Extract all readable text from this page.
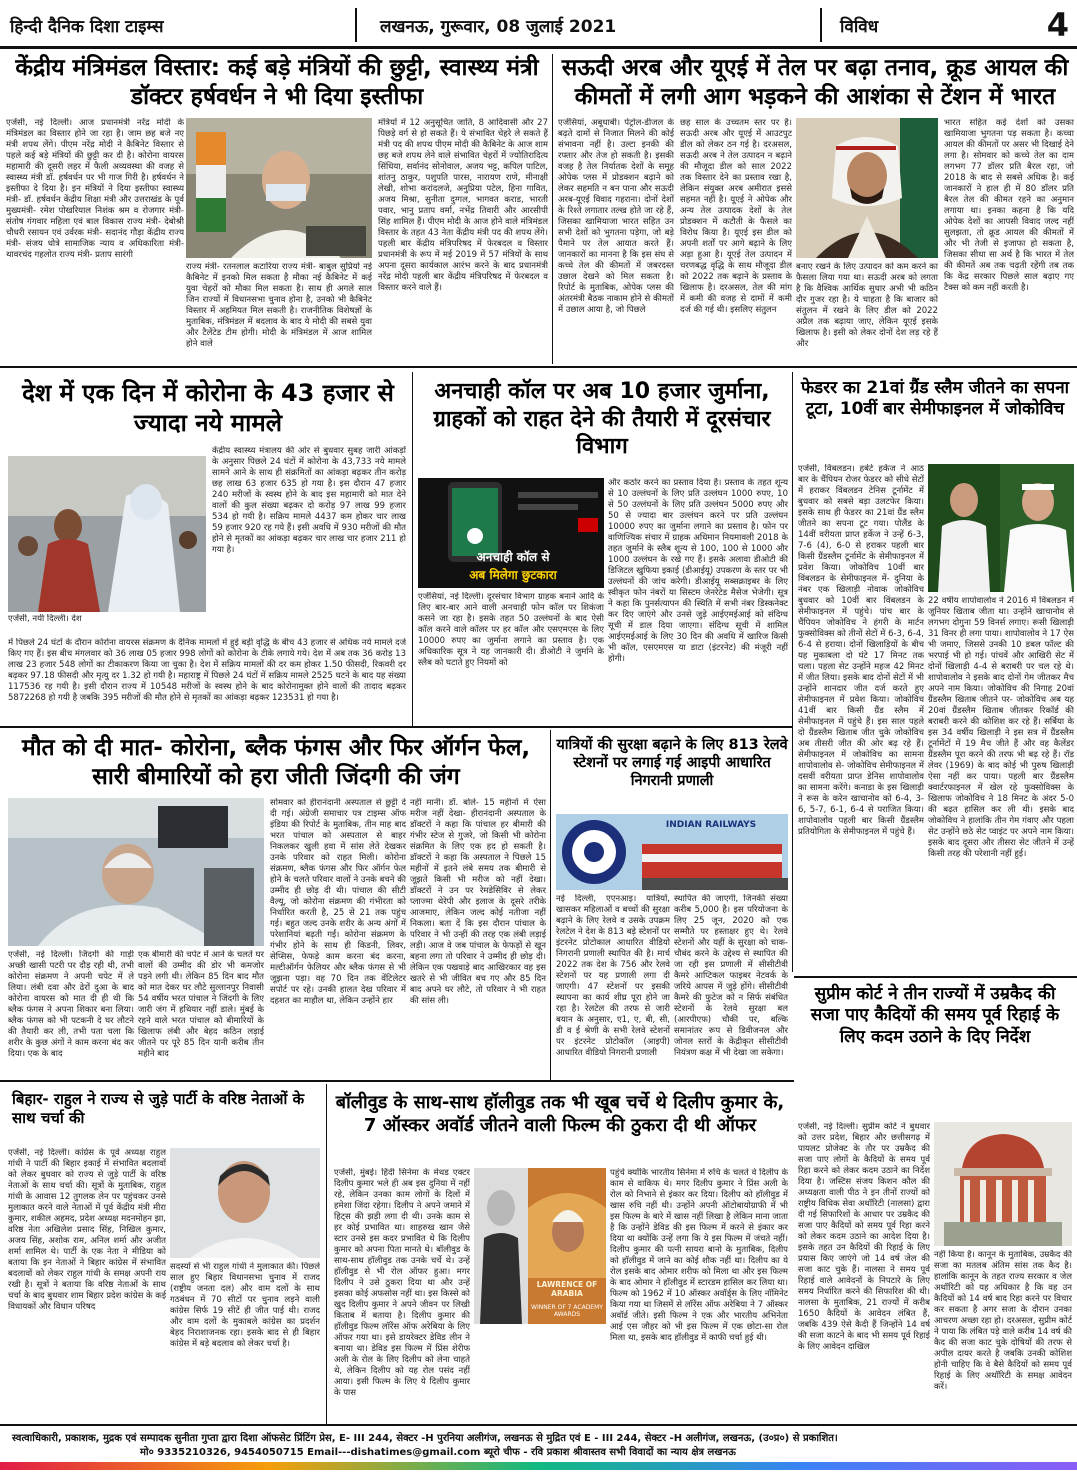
हिन्दी दैनिक दिशा टाइम्स	लखनऊ, गुरूवार, 08 जुलाई 2021	विविध	4
केंद्रीय मंत्रिमंडल विस्तार: कई बड़े मंत्रियों की छुट्टी, स्वास्थ्य मंत्री डॉक्टर हर्षवर्धन ने भी दिया इस्तीफा
एजेंसी, नई दिल्ली। आज प्रधानमंत्री नरेंद्र मोदी के मंत्रिमंडल का विस्तार होने जा रहा है। जाम छह बजे नए मंत्री शपथ लेंगे। पीएम नरेंद्र मोदी ने कैबिनेट विस्तार से पहले कई बड़े मंत्रियों की छुट्टी कर दी है। कोरोना वायरस महामारी की दूसरी लहर में फैली अव्यवस्था की वजह से स्वास्थ्य मंत्री डॉ. हर्षवर्धन पर भी गाज गिरी है। हर्षवर्धन ने इस्तीफा दे दिया है। इन मंत्रियों ने दिया इस्तीफा स्वास्थ्य मंत्री- डॉ. हर्षवर्धन केंद्रीय शिक्षा मंत्री और उत्तराखंड के पूर्व मुख्यमंत्री- रमेश पोखरियाल निशंक श्रम व रोजगार मंत्री- संतोष गंगवार महिला एवं बाल विकास राज्य मंत्री- देबोश्री चौधरी रसायन एवं उर्वरक मंत्री- सदानंद गौड़ा केंद्रीय राज्य मंत्री- संजय धोत्रे सामाजिक न्याय व अधिकारिता मंत्री- थावरचंद गहलोत राज्य मंत्री- प्रताप सारंगी
राज्य मंत्री- रतनलाल कटारिया राज्य मंत्री- बाबुल सुप्रियो नई कैबिनेट में इनको मिल सकता है मौका नई कैबिनेट में कई युवा चेहरों को मौका मिल सकता है। साथ ही अगले साल जिन राज्यों में विधानसभा चुनाव होना है, उनको भी कैबिनेट विस्तार में अहमियत मिल सकती है। राजनीतिक विशेषज्ञों के मुताबिक, मंत्रिमंडल में बदलाव के बाद ये मोदी की सबसे युवा और टैलेंटेड टीम होगी। मोदी के मंत्रिमंडल में आज शामिल होने वाले
मंत्रियों में 12 अनुसूचित जाति, 8 आदिवासी और 27 पिछड़े वर्ग से हो सकते हैं। ये संभावित चेहरे ले सकते हैं मंत्री पद की शपथ पीएम मोदी की कैबिनेट के आज शाम छह बजे शपथ लेने वाले संभावित चेहरों में ज्योतिरादित्य सिंधिया, सर्वानंद सोनोवाल, अजय भट्ट, कपिल पाटिल, शांतनु ठाकुर, पशुपति पारस, नारायण राणे, मीनाक्षी लेखी, शोभा करांदलजे, अनुप्रिया पटेल, हिना गावित, अजय मिश्रा, सुनीता दुग्गल, भागवत कराड, भारती पवार, भानु प्रताप वर्मा, नभेंद्र तिवारी और आरसीपी सिंह शामिल हैं। पीएम मोदी के आज होने वाले मंत्रिमंडल विस्तार के तहत 43 नेता केंद्रीय मंत्री पद की शपथ लेंगे। पहली बार केंद्रीय मंत्रिपरिषद में फेरबदल व विस्तार प्रधानमंत्री के रूप में मई 2019 में 57 मंत्रियों के साथ अपना दूसरा कार्यकाल आरंभ करने के बाद प्रधानमंत्री नरेंद्र मोदी पहली बार केंद्रीय मंत्रिपरिषद में फेरबदल व विस्तार करने वाले हैं।
सऊदी अरब और यूएई में तेल पर बढ़ा तनाव, क्रूड आयल की कीमतों में लगी आग भड़कने की आशंका से टेंशन में भारत
एजेंसियां, अबूधाबी। पेट्रोल-डीजल के बढ़ते दामों से निजात मिलने की कोई संभावना नहीं है। उल्टा इनकी की रफ्तार और तेज हो सकती है। इसकी वजह है तेल निर्यातक देशों के समूह ओपेक प्लस में प्रोडक्शन बढ़ाने को लेकर सहमति न बन पाना और सऊदी अरब-यूएई विवाद गहराना। दोनों देशों के रिश्ते लगातार तल्ख होते जा रहे हैं, जिसका खामियाजा भारत सहित उन सभी देशों को भुगतना पड़ेगा, जो बड़े पैमाने पर तेल आयात करते हैं। जानकारों का मानना है कि इस संघ से कच्चे तेल की कीमतों में जबरदस्त उछाल देखने को मिल सकता है। रिपोर्ट के मुताबिक, ओपेक प्लस की अंतरमंत्री बैठक नाकाम होने से कीमतों में उछाल आया है, जो पिछले
छह साल के उच्चतम स्तर पर है। सऊदी अरब और यूएई में आउटपुट डील को लेकर ठन गई है। दरअसल, सऊदी अरब ने तेल उत्पादन न बढ़ाने की मौजूदा डील को साल 2022 तक विस्तार देने का प्रस्ताव रखा है, लेकिन संयुक्त अरब अमीरात इससे सहमत नहीं है। यूएई ने ओपेक और अन्य तेल उत्पादक देशों के तेल प्रोडक्शन में कटौती के फैसले का विरोध किया है। यूएई इस डील को अपनी शर्तों पर आगे बढ़ाने के लिए अड़ा हुआ है। यूएई तेल उत्पादन में चरणबद्ध वृद्धि के साथ मौजूदा डील को 2022 तक बढ़ाने के प्रस्ताव के खिलाफ है। दरअसल, तेल की मांग में कमी की वजह से दामों में कमी दर्ज की गई थी। इसलिए संतुलन
बनाए रखने के लिए उत्पादन को कम करने का फैसला लिया गया था। सऊदी अरब को लगता है कि वैश्विक आर्थिक सुधार अभी भी कठिन दौर गुजर रहा है। ये चाहता है कि बाजार को संतुलन में रखने के लिए डील को 2022 अप्रैल तक बढ़ाया जाए, लेकिन यूएई इसके खिलाफ है। इसी को लेकर दोनों देश लड़ रहे हैं और
भारत सहित कई देशों को उसका खामियाजा भुगतना पड़ सकता है। कच्चा आयल की कीमतों पर असर भी दिखाई देने लगा है। सोमवार को कच्चे तेल का दाम लगभग 77 डॉलर प्रति बैरल रहा, जो 2018 के बाद से सबसे अधिक है। कई जानकारों ने हाल ही में 80 डॉलर प्रति बैरल तेल की कीमत रहने का अनुमान लगाया था। इनका कहना है कि यदि ओपेक देशों का आपसी विवाद जल्द नहीं सुलझता, तो क्रूड आयल की कीमतों में और भी तेजी से इजाफा हो सकता है, जिसका सीधा सा अर्थ है कि भारत में तेल की कीमतें अब तक चढ़ती रहेंगी तब तक कि केंद्र सरकार पिछले साल बढ़ाए गए टैक्स को कम नहीं करती है।
देश में एक दिन में कोरोना के 43 हजार से ज्यादा नये मामले
एजेंसी, नयी दिल्ली। देश
केंद्रीय स्वास्थ्य मंत्रालय की ओर से बुधवार सुबह जारी आंकड़ों के अनुसार पिछले 24 घंटों में कोरोना के 43,733 नये मामले सामने आने के साथ ही संक्रमितों का आंकड़ा बढ़कर तीन करोड़ छह लाख 63 हजार 635 हो गया है। इस दौरान 47 हजार 240 मरीजों के स्वस्थ होने के बाद इस महामारी को मात देने वालों की कुल संख्या बढ़कर दो करोड़ 97 लाख 99 हजार 534 हो गयी है। सक्रिय मामले 4437 कम होकर चार लाख 59 हजार 920 रह गये हैं। इसी अवधि में 930 मरीजों की मौत होने से मृतकों का आंकड़ा बढ़कर चार लाख चार हजार 211 हो गया है।
में पिछले 24 घंटों के दौरान कोरोना वायरस संक्रमण के दैनिक मामलों में हुई बड़ी वृद्धि के बीच 43 हजार से अधिक नये मामले दर्ज किए गए हैं। इस बीच मंगलवार को 36 लाख 05 हजार 998 लोगों को कोरोना के टीके लगाये गये। देश में अब तक 36 करोड़ 13 लाख 23 हजार 548 लोगों का टीकाकरण किया जा चुका है। देश में सक्रिय मामलों की दर कम होकर 1.50 फीसदी, रिकवरी दर बढ़कर 97.18 फीसदी और मृत्यु दर 1.32 हो गयी है। महाराष्ट्र में पिछले 24 घंटों में सक्रिय मामले 2525 घटने के बाद यह संख्या 117536 रह गयी है। इसी दौरान राज्य में 10548 मरीजों के स्वस्थ होने के बाद कोरोनामुक्त होने वालों की तादाद बढ़कर 5872268 हो गयी है जबकि 395 मरीजों की मौत होने से मृतकों का आंकड़ा बढ़कर 123531 हो गया है।
अनचाही कॉल पर अब 10 हजार जुर्माना, ग्राहकों को राहत देने की तैयारी में दूरसंचार विभाग
अनचाही कॉल से
अब मिलेगा छुटकारा
एजेंसियां, नई दिल्ली। दूरसंचार विभाग ग्राहक बनाने आदि के लिए बार-बार आने वाली अनचाही फोन कॉल पर शिकंजा कसने जा रहा है। इसके तहत 50 उल्लंघनों के बाद ऐसी कॉल करने वाले कॉलर पर हर कॉल और एसएमएस के लिए 10000 रुपए का जुर्माना लगाने का प्रस्ताव है। एक अधिकारिक सूत्र ने यह जानकारी दी। डीओटी ने जुर्माने के स्लैब को घटाते हुए नियमों को
और कठोर करने का प्रस्ताव दिया है। प्रस्ताव के तहत शून्य से 10 उल्लंघनों के लिए प्रति उल्लंघन 1000 रुपए, 10 से 50 उल्लंघनों के लिए प्रति उल्लंघन 5000 रुपए और 50 से ज्यादा बार उल्लंघन करने पर प्रति उल्लंघन 10000 रुपए का जुर्माना लगाने का प्रस्ताव है। फोन पर वाणिज्यिक संचार में ग्राहक अधिमान नियमावली 2018 के तहत जुर्माने के स्लैब शून्य से 100, 100 से 1000 और 1000 उल्लंघन के रखे गए हैं। इसके अलावा डीओटी की डिजिटल खुफिया इकाई (डीआईयू) उपकरण के स्तर पर भी उल्लंघनों की जांच करेगी। डीआईयू सब्सक्राइबर के लिए स्वीकृत फोन नंबरों या सिस्टम जेनरेटेड मैसेज भेजेगी। सूत्र ने कहा कि पुनर्सत्यापन की स्थिति में सभी नंबर डिस्कनेक्ट कर दिए जाएंगे और उनसे जुड़े आईएमईआई को संदिग्ध सूची में डाल दिया जाएगा। संदिग्ध सूची में शामिल आईएमईआई के लिए 30 दिन की अवधि में खारिज किसी भी कॉल, एसएमएस या डाटा (इंटरनेट) की मंजूरी नहीं होगी।
फेडरर का 21वां ग्रैंड स्लैम जीतने का सपना टूटा, 10वीं बार सेमीफाइनल में जोकोविच
एजेंसी, विंबलडन। हर्बर्ट हर्केज ने आठ बार के चैंपियन रोजर फेडरर को सीधे सेटों में हराकर विंबलडन टेनिस टूर्नामेंट में बुधवार को सबसे बड़ा उलटफेर किया। इसके साथ ही फेडरर का 21वां ग्रैंड स्लैम जीतने का सपना टूट गया। पोलैंड के 14वीं वरीयता प्राप्त हर्केज ने उन्हें 6-3, 7-6 (4), 6-0 से हराकर पहली बार किसी ग्रैंडस्लैम टूर्नामेंट के सेमीफाइनल में प्रवेश किया। जोकोविच 10वीं बार विंबलडन के सेमीफाइनल में- दुनिया के नंबर एक खिलाड़ी नोवाक जोकोविच बुधवार को 10वीं बार विंबलडन के सेमीफाइनल में पहुंचे। पांच बार के चैंपियन जोकोविच ने हंगरी के मार्टन फुक्सोविक्स को तीनों सेटों में 6-3, 6-4, 6-4 से हराया। दोनों खिलाड़ियों के बीच यह मुकाबला दो घंटे 17 मिनट तक चला। पहला सेट उन्होंने महज 42 मिनट में जीत लिया। इसके बाद दोनों सेटों में भी उन्होंने शानदार जीत दर्ज करते हुए सेमीफाइनल में प्रवेश किया। जोकोविच 41वीं बार किसी ग्रैंड स्लैम में सेमीफाइनल में पहुंचे हैं। इस साल पहले दो ग्रैंडस्लैम खिताब जीत चुके जोकोविच अब तीसरी जीत की ओर बढ़ रहे हैं। सेमीफाइनल में जोकोविच का सामना शापोवालोव से- जोकोविच सेमीफाइनल में दसवीं वरीयता प्राप्त डेनिस शापोवालोव का सामना करेंगे। कनाडा के इस खिलाड़ी ने रूस के करेन खाचानोव को 6-4, 3-6, 5-7, 6-1, 6-4 से पराजित किया। शापोवालोव पहली बार किसी ग्रैंडस्लैम प्रतियोगिता के सेमीफाइनल में पहुंचे हैं।
22 वर्षीय शापोवालोव ने 2016 में विंबलडन में जूनियर खिताब जीता था। उन्होंने खाचानोव से लगभग दोगुना 59 विनर्स लगाए। रूसी खिलाड़ी 31 विनर ही लगा पाया। शापोवालोव ने 17 ऐस भी जमाए, जिससे उनकी 10 डबल फॉल्ट की भरपाई भी हो गई। पांचवें और आखिरी सेट में दोनों खिलाड़ी 4-4 से बराबरी पर चल रहे थे। शापोवालोव ने इसके बाद दोनों गेम जीतकर मैच अपने नाम किया। जोकोविच की निगाह 20वां ग्रैंडस्लैम खिताब जीतने पर- जोकोविच अब यह 20वां ग्रैंडस्लैम खिताब जीतकर रिकॉर्ड की बराबरी करने की कोशिश कर रहे हैं। सर्बिया के इस 34 वर्षीय खिलाड़ी ने इस सत्र में ग्रैंडस्लैम टूर्नामेंटों में 19 मैच जीते हैं और वह कैलेंडर ग्रैंडस्लैम पूरा करने की तरफ भी बढ़ रहे हैं। रॉड लेवर (1969) के बाद कोई भी पुरुष खिलाड़ी ऐसा नहीं कर पाया। पहली बार ग्रैंडस्लैम क्वार्टरफाइनल में खेल रहे फुक्सोविक्स के खिलाफ जोकोविच ने 18 मिनट के अंदर 5-0 की बढ़त हासिल कर ली थी। इसके बाद जोकोविच ने हालांकि तीन गेम गंवाए और पहला सेट उन्होंने छठे सेट प्वाइंट पर अपने नाम किया। इसके बाद दूसरा और तीसरा सेट जीतने में उन्हें किसी तरह की परेशानी नहीं हुई।
मौत को दी मात- कोरोना, ब्लैक फंगस और फिर ऑर्गन फेल, सारी बीमारियों को हरा जीती जिंदगी की जंग
एजेंसी, नई दिल्ली। जिंदगी की गाड़ी अच्छी खासी पटरी पर दौड़ रही थी, तभी कोरोना संक्रमण ने अपनी चपेट में ले लिया। लंबी दवा और ढेरों दुआ के बाद कोरोना वायरस को मात दी ही थी कि ब्लैक फंगस ने अपना शिकार बना लिया। ब्लैक फंगस को भी पटकनी दे घर लौटने की तैयारी कर ली, तभी पता चला कि शरीर के कुछ अंगों ने काम करना बंद कर दिया। एक के बाद
एक बीमारी की चपेट में आने के चलते घर वालों की उम्मीद की डोर भी कमजोर पड़ने लगी थी। लेकिन 85 दिन बाद मौत को मात देकर घर लौटे सुल्तानपुर निवासी 54 वर्षीय भरत पांचाल ने जिंदगी के लिए जारी जंग में हथियार नहीं डाले। मुंबई के रहने वाले भरत पांचाल को बीमारियों के खिलाफ लंबी और बेहद कठिन लड़ाई जीतने पर पूरे 85 दिन यानी करीब तीन महीने बाद
सोमवार को हीरानंदानी अस्पताल से छुट्टी दे दी गई। अंग्रेजी समाचार पत्र टाइम्स ऑफ इंडिया की रिपोर्ट के मुताबिक, तीन माह बाद भरत पांचाल को अस्पताल से बाहर निकलकर खुली हवा में सांस लेते देखकर उनके परिवार को राहत मिली। कोरोना संक्रमण, ब्लैक फंगस और फिर ऑर्गन फेल होने के चलते परिवार वालों ने उनके बचने की उम्मीद ही छोड़ दी थी। पांचाल की सीटी वैल्यू, जो कोरोना संक्रमण की गंभीरता को निर्धारित करती है, 25 से 21 तक पहुंच गई। बहुत जल्द उनके शरीर के अन्य अंगों में परेशानियां बढ़ती गईं। कोरोना संक्रमण के गंभीर होने के साथ ही किडनी, लिवर, सेप्सिस, फेफड़े काम करना बंद करना, मल्टीऑर्गन फेलियर और ब्लैक फंगस से भी जूझना पड़ा। वह 70 दिन तक वेंटिलेटर सपोर्ट पर रहे। उनकी हालत देख परिवार में दहशत का माहौल था, लेकिन उन्होंने हार
नहीं मानी। डॉ. बोले- 15 महीनों में ऐसा मरीज नहीं देखा- हीरानंदानी अस्पताल के डॉक्टरों ने कहा कि पांचाल हर बीमारी की गंभीर स्टेज से गुजरे, जो किसी भी कोरोना संक्रमित के लिए एक हद हो सकती है। डॉक्टरों ने कहा कि अस्पताल ने पिछले 15 महीनों में इतने लंबे समय तक बीमारी से जूझते किसी भी मरीज को नहीं देखा। डॉक्टरों ने उन पर रेमडेसिविर से लेकर प्लाज्मा थेरेपी और इलाज के दूसरे तरीके आजमाए, लेकिन जल्द कोई नतीजा नहीं निकला। बता दें कि इस दौरान पांचाल के परिवार ने भी उन्हीं की तरह एक लंबी लड़ाई लड़ी। आज वे जब पांचाल के फेफड़ों से खून बहना लगा तो परिवार ने उम्मीद ही छोड़ दी। लेकिन एक पखवाड़े बाद आखिरकार वह इस खतरे से भी जीवित बच गए और 85 दिन बाद अपने घर लौटे, तो परिवार ने भी राहत की सांस ली।
यात्रियों की सुरक्षा बढ़ाने के लिए 813 रेलवे स्टेशनों पर लगाई गई आइपी आधारित निगरानी प्रणाली
INDIAN RAILWAYS
नई दिल्ली, एएनआइ। यात्रियों, खासकर महिलाओं व बच्चों की सुरक्षा बढ़ाने के लिए रेलवे व उसके उपक्रम रेलटेल ने देश के 813 बड़े स्टेशनों पर इंटरनेट प्रोटोकाल आधारित वीडियो निगरानी प्रणाली स्थापित की है। मार्च 2022 तक देश के 756 और रेलवे स्टेशनों पर यह प्रणाली लगा दी जाएगी। 47 स्टेशनों पर इसकी स्थापना का कार्य शीघ्र पूरा होने जा रहा है। रेलटेल की तरफ से जारी बयान के अनुसार, ए1, ए, बी, सी, डी व ई श्रेणी के सभी रेलवे स्टेशनों पर इंटरनेट प्रोटोकॉल (आइपी) आधारित वीडियो निगरानी प्रणाली
स्थापित की जाएगी, जिनकी संख्या करीब 5,000 है। इस परियोजना के लिए 25 जून, 2020 को एक सम्मौते पर हस्ताक्षर हुए थे। रेलवे स्टेशनों और यहीं के सुरक्षा को चाक-चौबंद करने के उद्देश्य से स्थापित की जा रही इस प्रणाली में सीसीटीवी कैमरे आप्टिकल फाइबर नेटवर्क के जरिये आपस में जुड़े होंगे। सीसीटीवी कैमरे की फुटेज को न सिर्फ संबंधित स्टेशनों के रेलवे सुरक्षा बल (आरपीएफ) चौकी पर, बल्कि समानांतर रूप से डिवीजनल और जोनल स्तरों के केंद्रीकृत सीसीटीवी नियंत्रण कक्ष में भी देखा जा सकेगा।
सुप्रीम कोर्ट ने तीन राज्यों में उम्रकैद की सजा पाए कैदियों की समय पूर्व रिहाई के लिए कदम उठाने के दिए निर्देश
एजेंसी, नई दिल्ली। सुप्रीम कोर्ट ने बुधवार को उत्तर प्रदेश, बिहार और छत्तीसगढ़ में पायलट प्रोजेक्ट के तौर पर उम्रकैद की सजा पाए लोगों के कैदियों के समय पूर्व रिहा करने को लेकर कदम उठाने का निर्देश दिया है। जस्टिस संजय किशन कौल की अध्यक्षता वाली पीठ ने इन तीनों राज्यों को राष्ट्रीय विधिक सेवा अथॉरिटी (नालसा) द्वारा दी गई सिफारिशों के आधार पर उम्रकैद की सजा पाए कैदियों को समय पूर्व रिहा करने को लेकर कदम उठाने का आदेश दिया है। इसके तहत उन कैदियों की रिहाई के लिए प्रयास किए जाएंगे जो 14 वर्ष जेल की सजा काट चुके हैं। नालसा ने समय पूर्व रिहाई वाले आवेदनों के निपटारे के लिए समय निर्धारित करने की सिफारिश की थी। नालसा के मुताबिक, 21 राज्यों में करीब 1650 कैदियों के आवेदन लंबित हैं, जबकि 439 ऐसे कैदी हैं जिन्होंने 14 वर्ष की सजा काटने के बाद भी समय पूर्व रिहाई के लिए आवेदन दाखिल
नहीं किया है। कानून के मुताबिक, उम्रकैद की सजा का मतलब अंतिम सांस तक कैद है। हालांकि कानून के तहत राज्य सरकार व जेल अथॉरिटी को यह अधिकार है कि वह उन कैदियों को 14 वर्ष बाद रिहा करने पर विचार कर सकता है अगर सजा के दौरान उनका आचरण अच्छा रहा हो। दरअसल, सुप्रीम कोर्ट ने पाया कि लंबित पड़े वाले करीब 14 वर्ष की कैद की सजा काट चुके दोषियों की तरफ से अपील दायर करते है जबकि उनकी कोशिश होनी चाहिए कि वे बैसे कैदियों को समय पूर्व रिहाई के लिए अथॉरिटी के समक्ष आवेदन करें।
बिहार- राहुल ने राज्य से जुड़े पार्टी के वरिष्ठ नेताओं के साथ चर्चा की
एजेंसी, नई दिल्ली। कांग्रेस के पूर्व अध्यक्ष राहुल गांधी ने पार्टी की बिहार इकाई में संभावित बदलावों को लेकर बुधवार को राज्य से जुड़े पार्टी के वरिष्ठ नेताओं के साथ चर्चा की। सूत्रों के मुताबिक, राहुल गांधी के आवास 12 तुगलक लेन पर पहुंचकर उनसे मुलाकात करने वाले नेताओं में पूर्व केंद्रीय मंत्री मीरा कुमार, शकील अहमद, प्रदेश अध्यक्ष मदनमोहन झा, वरिष्ठ नेता अखिलेश प्रसाद सिंह, निखिल कुमार, अजय सिंह, अशोक राम, अनिल शर्मा और अजीत शर्मा शामिल थे। पार्टी के एक नेता ने मीडिया को बताया कि इन नेताओं ने बिहार कांग्रेस में संभावित बदलावों को लेकर राहुल गांधी के समक्ष अपनी राय रखी है। सूत्रों ने बताया कि वरिष्ठ नेताओं के साथ चर्चा के बाद बुधवार शाम बिहार प्रदेश कांग्रेस के कई विधायकों और विधान परिषद
सदस्यों से भी राहुल गांधी ने मुलाकात की। पिछले साल हुए बिहार विधानसभा चुनाव में राजद (राष्ट्रीय जनता दल) और वाम दलों के साथ गठबंधन में 70 सीटों पर चुनाव लड़ने वाली कांग्रेस सिर्फ 19 सीटें ही जीत पाई थी। राजद और वाम दलों के मुकाबले कांग्रेस का प्रदर्शन बेहद निराशाजनक रहा। इसके बाद से ही बिहार कांग्रेस में बड़े बदलाव को लेकर चर्चा है।
बॉलीवुड के साथ-साथ हॉलीवुड तक भी खूब चर्चे थे दिलीप कुमार के, 7 ऑस्कर अवॉर्ड जीतने वाली फिल्म की ठुकरा दी थी ऑफर
एजेंसी, मुंबई। हिंदी सिनेमा के मेथड एक्टर दिलीप कुमार भले ही अब इस दुनिया में नहीं रहे, लेकिन उनका काम लोगों के दिलों में हमेशा जिंदा रहेगा। दिलीप ने अपने जमाने में हिट्स की झड़ी लगा दी थी। उनके काम से हर कोई प्रभावित था। शाहरुख खान जैसे स्टार उनसे इस कदर प्रभावित थे कि दिलीप कुमार को अपना पिता मानते थे। बॉलीवुड के साथ-साथ हॉलीवुड तक उनके चर्चे थे। उन्हें हॉलीवुड से भी रोल ऑफर हुआ। मगर दिलीप ने उसे ठुकरा दिया था और उन्हें इसका कोई अफसोस नहीं था। इस किस्से को खुद दिलीप कुमार ने अपने जीवन पर लिखी किताब में बताया है। दिलीप कुमार की हॉलीवुड फिल्म लॉरेंस ऑफ अरेबिया के लिए ऑफर गया था। इसे डायरेक्टर डेविड लीन ने बनाया था। डेविड इस फिल्म में प्रिंस शेरीफ अली के रोल के लिए दिलीप को लेना चाहते थे, लेकिन दिलीप को यह रोल पसंद नहीं आया। इसी फिल्म के लिए ये दिलीप कुमार के पास
LAWRENCE OF ARABIA
WINNER OF 7 ACADEMY AWARDS
पहुंचे क्योंकि भारतीय सिनेमा में रुचि के चलते वे दिलीप के काम से वाकिफ थे। मगर दिलीप कुमार ने प्रिंस अली के रोल को निभाने से इंकार कर दिया। दिलीप को हॉलीवुड में खास रुचि नहीं थी। उन्होंने अपनी ऑटोबायोग्राफी में भी इस फिल्म के बारे में खास नहीं लिखा है लेकिन माना जाता है कि उन्होंने डेविड की इस फिल्म में करने से इंकार कर दिया था क्योंकि उन्हें लगा कि ये इस फिल्म में जंचते नहीं। दिलीप कुमार की पत्नी सायरा बानो के मुताबिक, दिलीप को हॉलीवुड में जाने का कोई शौक नहीं था। दिलीप का ये रोल इसके बाद ओमार शरीफ को मिला था और इस फिल्म के बाद ओमार ने हॉलीवुड में स्टारडम हासिल कर लिया था। फिल्म को 1962 में 10 ऑस्कर अवॉर्ड्स के लिए नॉमिनेट किया गया था जिसमें से लॉरेंस ऑफ अरेबिया ने 7 ऑस्कर अवॉर्ड जीते। इसी फिल्म ने एक और भारतीय अभिनेता आई एस जौहर को भी इस फिल्म में एक छोटा-सा रोल मिला था, इसके बाद हॉलीवुड में काफी चर्चा हुई थी।
स्वत्वाधिकारी, प्रकाशक, मुद्रक एवं सम्पादक सुनीता गुप्ता द्वारा दिशा ऑफसेट प्रिंटिंग प्रेस, E- III 244, सेक्टर -H पुरनिया अलीगंज, लखनऊ से मुद्रित एवं E - III 244, सेक्टर -H अलीगंज, लखनऊ, (उ०प्र०) से प्रकाशित।
मो० 9335210326, 9454050715 Email---dishatimes@gmail.com ब्यूरो चीफ - रवि प्रकाश श्रीवास्तव सभी विवादों का न्याय क्षेत्र लखनऊ
